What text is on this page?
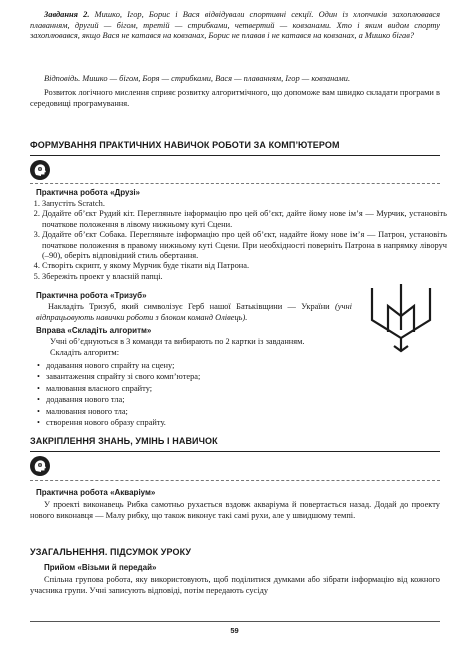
Завдання 2. Мишко, Ігор, Борис і Вася відвідували спортивні секції. Один із хлопчиків захоплювався плаванням, другий — бігом, третій — стрибками, четвертий — ковзанами. Хто і яким видом спорту захоплювався, якщо Вася не катався на ковзанах, Борис не плавав і не катався на ковзанах, а Мишко бігав?

Відповідь. Мишко — бігом, Боря — стрибками, Вася — плаванням, Ігор — ковзанами.

Розвиток логічного мислення сприяє розвитку алгоритмічного, що допоможе вам швидко складати програми в середовищі програмування.

ФОРМУВАННЯ ПРАКТИЧНИХ НАВИЧОК РОБОТИ ЗА КОМП’ЮТЕРОМ

Практична робота «Друзі»

1. Запустіть Scratch.
2. Додайте об’єкт Рудий кіт. Перегляньте інформацію про цей об’єкт, дайте йому нове ім’я — Мурчик, установіть початкове положення в лівому нижньому куті Сцени.
3. Додайте об’єкт Собака. Перегляньте інформацію про цей об’єкт, надайте йому нове ім’я — Патрон, установіть початкове положення в правому нижньому куті Сцени. При необхідності поверніть Патрона в напрямку ліворуч (–90), оберіть відповідний стиль обертання.
4. Створіть скрипт, у якому Мурчик буде тікати від Патрона.
5. Збережіть проект у власній папці.

Практична робота «Тризуб»

Накладіть Тризуб, який символізує Герб нашої Батьківщини — України (учні відпрацьовують навички роботи з блоком команд Олівець).

Вправа «Складіть алгоритм»

Учні об’єднуються в 3 команди та вибирають по 2 картки із завданням.

Складіть алгоритм:

• додавання нового спрайту на сцену;
• завантаження спрайту зі свого комп’ютера;
• малювання власного спрайту;
• додавання нового тла;
• малювання нового тла;
• створення нового образу спрайту.

ЗАКРІПЛЕННЯ ЗНАНЬ, УМІНЬ І НАВИЧОК

Практична робота «Акваріум»

У проекті виконавець Рибка самотньо рухається вздовж акваріума й повертається назад. Додай до проекту нового виконавця — Малу рибку, що також виконує такі самі рухи, але у швидшому темпі.

УЗАГАЛЬНЕННЯ. ПІДСУМОК УРОКУ

Прийом «Візьми й передай»

Спільна групова робота, яку використовують, щоб поділитися думками або зібрати інформацію від кожного учасника групи. Учні записують відповіді, потім передають сусіду

59
